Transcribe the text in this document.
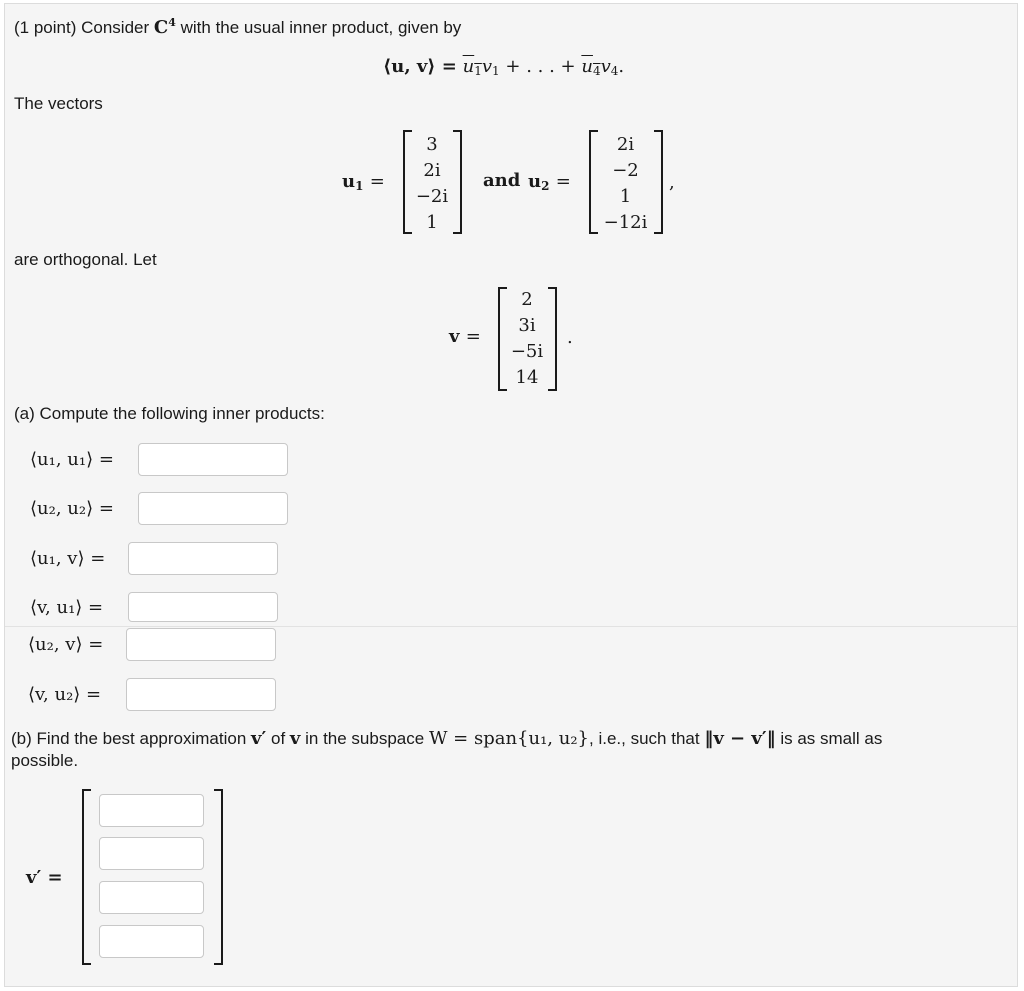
(1 point) Consider $C^4$ with the usual inner product, given by
⟨u, v⟩ = $\overline{u}_1v_1$ + . . . + $\overline{u}_4v_4$.
The vectors
$u_1$ =
3
2i
−2i
1
and $u_2$ =
2i
−2
1
−12i
,
are orthogonal. Let
v =
2
3i
−5i
14
.
(a) Compute the following inner products:
⟨u₁, u₁⟩ =
⟨u₂, u₂⟩ =
⟨u₁, v⟩ =
⟨v, u₁⟩ =
⟨u₂, v⟩ =
⟨v, u₂⟩ =
(b) Find the best approximation v′ of v in the subspace W = span{u₁, u₂}, i.e., such that ‖v − v′‖ is as small as
possible.
v′ =
